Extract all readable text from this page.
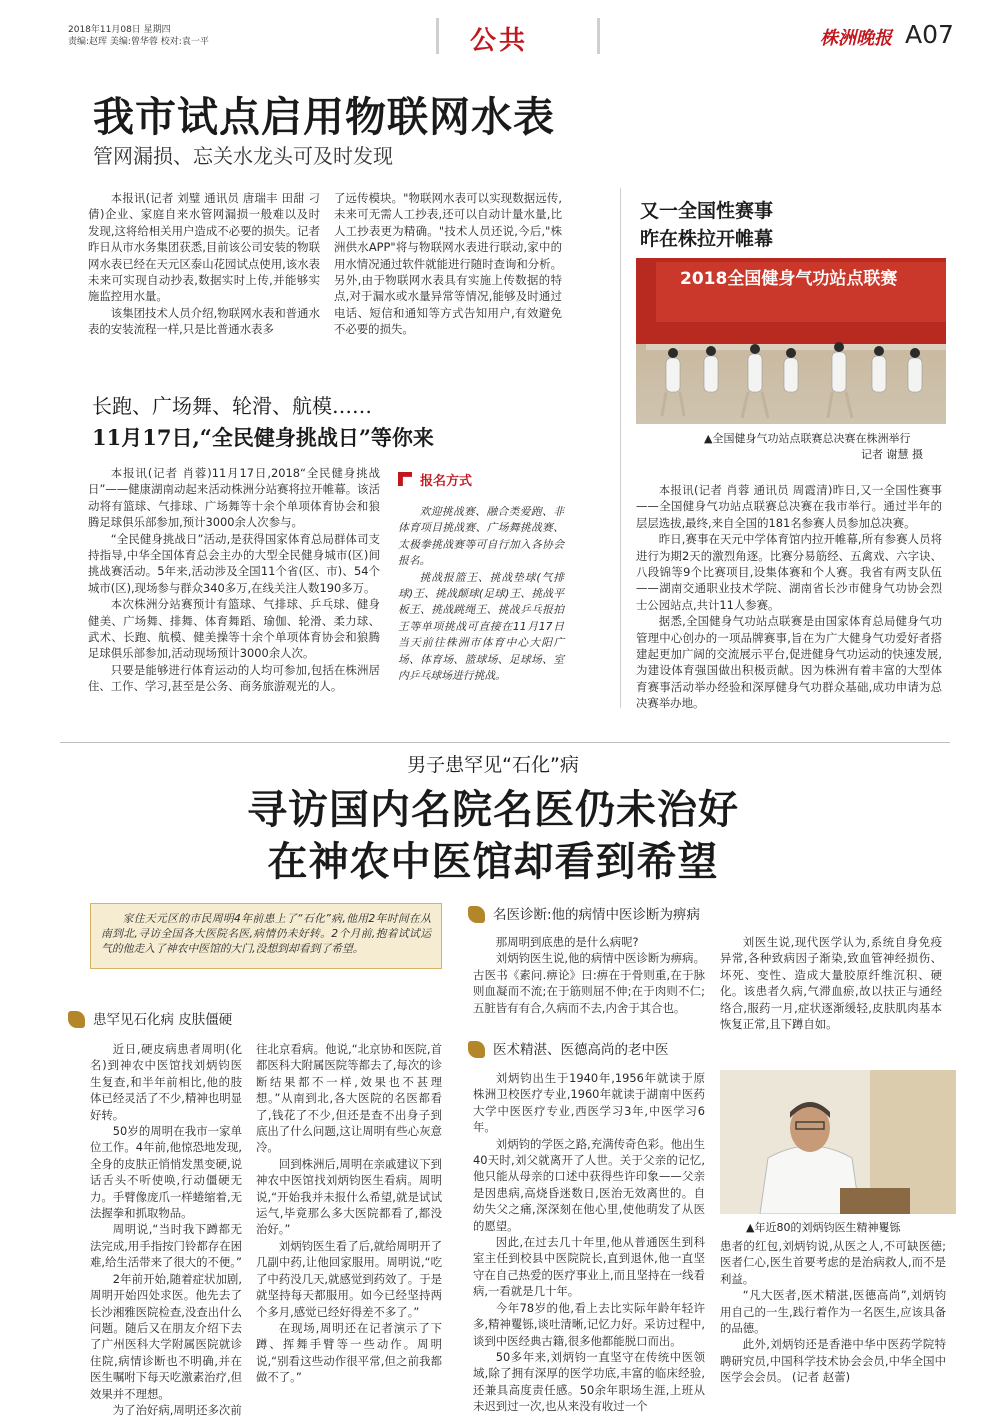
2018年11月08日 星期四
责编:赵珲 美编:曾华蓉 校对:袁一平	公共	株洲晚报 A07
我市试点启用物联网水表
管网漏损、忘关水龙头可及时发现

本报讯(记者 刘璧 通讯员 唐瑞丰 田甜 刁倩)企业、家庭自来水管网漏损一般难以及时发现,这将给相关用户造成不必要的损失。记者昨日从市水务集团获悉,目前该公司安装的物联网水表已经在天元区泰山花园试点使用,该水表未来可实现自动抄表,数据实时上传,并能够实施监控用水量。

该集团技术人员介绍,物联网水表和普通水表的安装流程一样,只是比普通水表多

了远传模块。"物联网水表可以实现数据远传,未来可无需人工抄表,还可以自动计量水量,比人工抄表更为精确。"技术人员还说,今后,"株洲供水APP"将与物联网水表进行联动,家中的用水情况通过软件就能进行随时查询和分析。另外,由于物联网水表具有实施上传数据的特点,对于漏水或水量异常等情况,能够及时通过电话、短信和通知等方式告知用户,有效避免不必要的损失。

长跑、广场舞、轮滑、航模……
11月17日,“全民健身挑战日”等你来

本报讯(记者 肖蓉)11月17日,2018“全民健身挑战日”——健康湖南动起来活动株洲分站赛将拉开帷幕。该活动将有篮球、气排球、广场舞等十余个单项体育协会和狼腾足球俱乐部参加,预计3000余人次参与。

“全民健身挑战日”活动,是获得国家体育总局群体司支持指导,中华全国体育总会主办的大型全民健身城市(区)间挑战赛活动。5年来,活动涉及全国11个省(区、市)、54个城市(区),现场参与群众340多万,在线关注人数190多万。

本次株洲分站赛预计有篮球、气排球、乒乓球、健身健美、广场舞、排舞、体育舞蹈、瑜伽、轮滑、柔力球、武术、长跑、航模、健美操等十余个单项体育协会和狼腾足球俱乐部参加,活动现场预计3000余人次。

只要是能够进行体育运动的人均可参加,包括在株洲居住、工作、学习,甚至是公务、商务旅游观光的人。

报名方式

欢迎挑战赛、融合类爱跑、非体育项目挑战赛、广场舞挑战赛、太极拳挑战赛等可自行加入各协会报名。

挑战报篮王、挑战垫球(气排球)王、挑战颠球(足球)王、挑战平板王、挑战跳绳王、挑战乒乓报拍王等单项挑战可直接在11月17日当天前往株洲市体育中心大阳广场、体育场、篮球场、足球场、室内乒乓球场进行挑战。

又一全国性赛事
昨在株拉开帷幕
2018全国健身气功站点联赛
▲全国健身气功站点联赛总决赛在株洲举行
记者 谢慧 摄

本报讯(记者 肖蓉 通讯员 周霞清)昨日,又一全国性赛事——全国健身气功站点联赛总决赛在我市举行。通过半年的层层选拔,最终,来自全国的181名参赛人员参加总决赛。

昨日,赛事在天元中学体育馆内拉开帷幕,所有参赛人员将进行为期2天的激烈角逐。比赛分易筋经、五禽戏、六字诀、八段锦等9个比赛项目,设集体赛和个人赛。我省有两支队伍——湖南交通职业技术学院、湖南省长沙市健身气功协会烈士公园站点,共计11人参赛。

据悉,全国健身气功站点联赛是由国家体育总局健身气功管理中心创办的一项品牌赛事,旨在为广大健身气功爱好者搭建起更加广阔的交流展示平台,促进健身气功运动的快速发展,为建设体育强国做出积极贡献。因为株洲有着丰富的大型体育赛事活动举办经验和深厚健身气功群众基础,成功申请为总决赛举办地。

男子患罕见“石化”病
寻访国内名院名医仍未治好
在神农中医馆却看到希望

家住天元区的市民周明4年前患上了“石化”病,他用2年时间在从南到北,寻访全国各大医院名医,病情仍未好转。2个月前,抱着试试运气的他走入了神农中医馆的大门,没想到却看到了希望。

患罕见石化病 皮肤僵硬

近日,硬皮病患者周明(化名)到神农中医馆找刘炳钧医生复查,和半年前相比,他的肢体已经灵活了不少,精神也明显好转。

50岁的周明在我市一家单位工作。4年前,他惊恐地发现,全身的皮肤正悄悄发黑变硬,说话舌头不听使唤,行动僵硬无力。手臂像庞爪一样蜷缩着,无法握拳和抓取物品。

周明说,“当时我下蹲都无法完成,用手指按门铃都存在困难,给生活带来了很大的不便。”

2年前开始,随着症状加剧,周明开始四处求医。他先去了长沙湘雅医院检查,没查出什么问题。随后又在朋友介绍下去了广州医科大学附属医院就诊住院,病情诊断也不明确,并在医生嘱咐下每天吃激素治疗,但效果并不理想。

为了治好病,周明还多次前

往北京看病。他说,“北京协和医院,首都医科大附属医院等都去了,每次的诊断结果都不一样,效果也不甚理想。”从南到北,各大医院的名医都看了,钱花了不少,但还是查不出身子到底出了什么问题,这让周明有些心灰意冷。

回到株洲后,周明在亲戚建议下到神农中医馆找刘炳钧医生看病。周明说,“开始我并未报什么希望,就是试试运气,毕竟那么多大医院都看了,都没治好。”

刘炳钧医生看了后,就给周明开了几副中药,让他回家服用。周明说,“吃了中药没几天,就感觉到药效了。于是就坚持每天都服用。如今已经坚持两个多月,感觉已经好得差不多了。”

在现场,周明还在记者演示了下蹲、挥舞手臂等一些动作。周明说,“别看这些动作很平常,但之前我都做不了。”

名医诊断:他的病情中医诊断为痹病

那周明到底患的是什么病呢?

刘炳钧医生说,他的病情中医诊断为痹病。古医书《素问.痹论》曰:痹在于骨则重,在于脉则血凝而不流;在于筋则屈不伸;在于肉则不仁;五脏皆有有合,久病而不去,内舍于其合也。

刘医生说,现代医学认为,系统自身免疫异常,各种致病因子渐染,致血管神经损伤、坏死、变性、造成大量胶原纤维沉积、硬化。该患者久病,气滞血瘀,故以扶正与通经络合,服药一月,症状逐渐缓轻,皮肤肌肉基本恢复正常,且下蹲自如。

医术精湛、医德高尚的老中医

刘炳钧出生于1940年,1956年就读于原株洲卫校医疗专业,1960年就读于湖南中医药大学中医医疗专业,西医学习3年,中医学习6年。

刘炳钧的学医之路,充满传奇色彩。他出生40天时,刘父就离开了人世。关于父亲的记忆,他只能从母亲的口述中获得些许印象——父亲是因患病,高烧昏迷数日,医治无效离世的。自幼失父之痛,深深刻在他心里,使他萌发了从医的愿望。

因此,在过去几十年里,他从普通医生到科室主任到校县中医院院长,直到退休,他一直坚守在自己热爱的医疗事业上,而且坚持在一线看病,一看就是几十年。

今年78岁的他,看上去比实际年龄年轻许多,精神矍铄,谈吐清晰,记忆力好。采访过程中,谈到中医经典古籍,很多他都能脱口而出。

50多年来,刘炳钧一直坚守在传统中医领域,除了拥有深厚的医学功底,丰富的临床经验,还兼具高度责任感。50余年职场生涯,上班从未迟到过一次,也从来没有收过一个

▲年近80的刘炳钧医生精神矍铄

患者的红包,刘炳钧说,从医之人,不可缺医德;医者仁心,医生首要考虑的是治病救人,而不是利益。

“凡大医者,医术精湛,医德高尚”,刘炳钧用自己的一生,践行着作为一名医生,应该具备的品德。

此外,刘炳钧还是香港中华中医药学院特聘研究员,中国科学技术协会会员,中华全国中医学会会员。 (记者 赵蕾)
